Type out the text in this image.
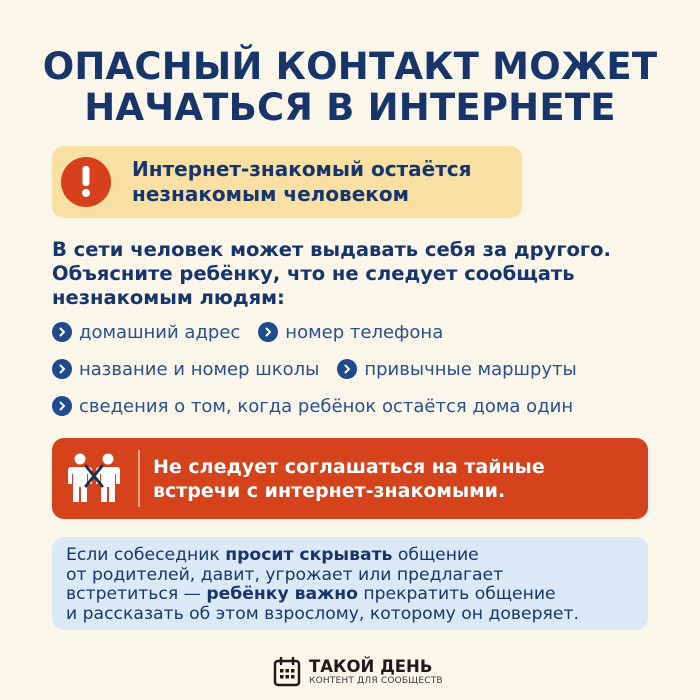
ОПАСНЫЙ КОНТАКТ МОЖЕТ
НАЧАТЬСЯ В ИНТЕРНЕТЕ
Интернет-знакомый остаётся
незнакомым человеком
В сети человек может выдавать себя за другого.
Объясните ребёнку, что не следует сообщать
незнакомым людям:
домашний адрес	номер телефона
название и номер школы	привычные маршруты
сведения о том, когда ребёнок остаётся дома один
Не следует соглашаться на тайные
встречи с интернет-знакомыми.
Если собеседник просит скрывать общение
от родителей, давит, угрожает или предлагает
встретиться — ребёнку важно прекратить общение
и рассказать об этом взрослому, которому он доверяет.
ТАКОЙ ДЕНЬ
КОНТЕНТ ДЛЯ СООБЩЕСТВ
